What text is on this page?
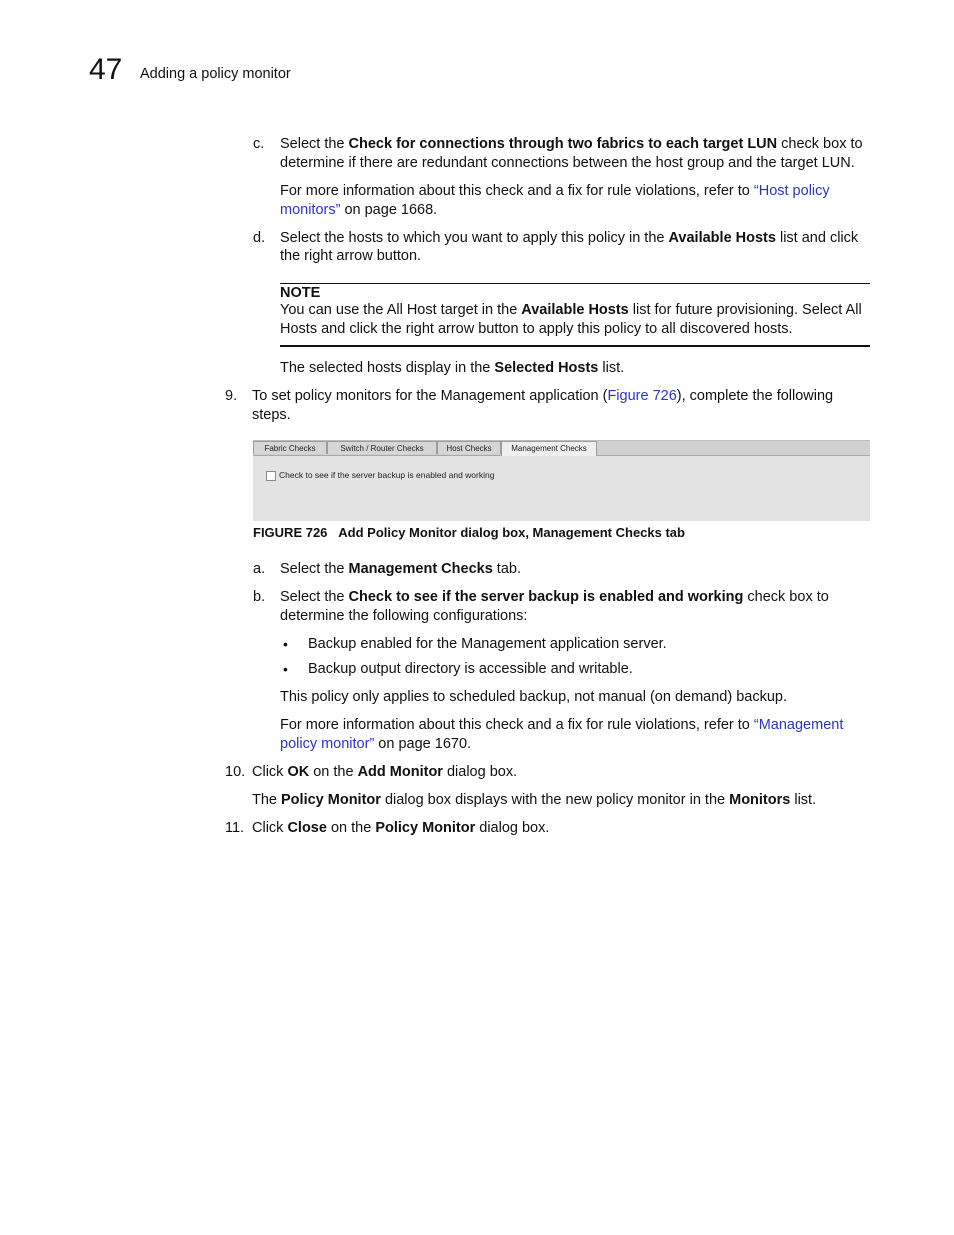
47 Adding a policy monitor
c. Select the Check for connections through two fabrics to each target LUN check box to

determine if there are redundant connections between the host group and the target LUN.

For more information about this check and a fix for rule violations, refer to “Host policy

monitors” on page 1668.

d. Select the hosts to which you want to apply this policy in the Available Hosts list and click

the right arrow button.

NOTE

You can use the All Host target in the Available Hosts list for future provisioning. Select All

Hosts and click the right arrow button to apply this policy to all discovered hosts.

The selected hosts display in the Selected Hosts list.

9. To set policy monitors for the Management application (Figure 726), complete the following

steps.

Fabric Checks	Switch / Router Checks	Host Checks	Management Checks
Check to see if the server backup is enabled and working

FIGURE 726 Add Policy Monitor dialog box, Management Checks tab

a. Select the Management Checks tab.

b. Select the Check to see if the server backup is enabled and working check box to

determine the following configurations:

• Backup enabled for the Management application server.

• Backup output directory is accessible and writable.

This policy only applies to scheduled backup, not manual (on demand) backup.

For more information about this check and a fix for rule violations, refer to “Management

policy monitor” on page 1670.

10. Click OK on the Add Monitor dialog box.

The Policy Monitor dialog box displays with the new policy monitor in the Monitors list.

11. Click Close on the Policy Monitor dialog box.
